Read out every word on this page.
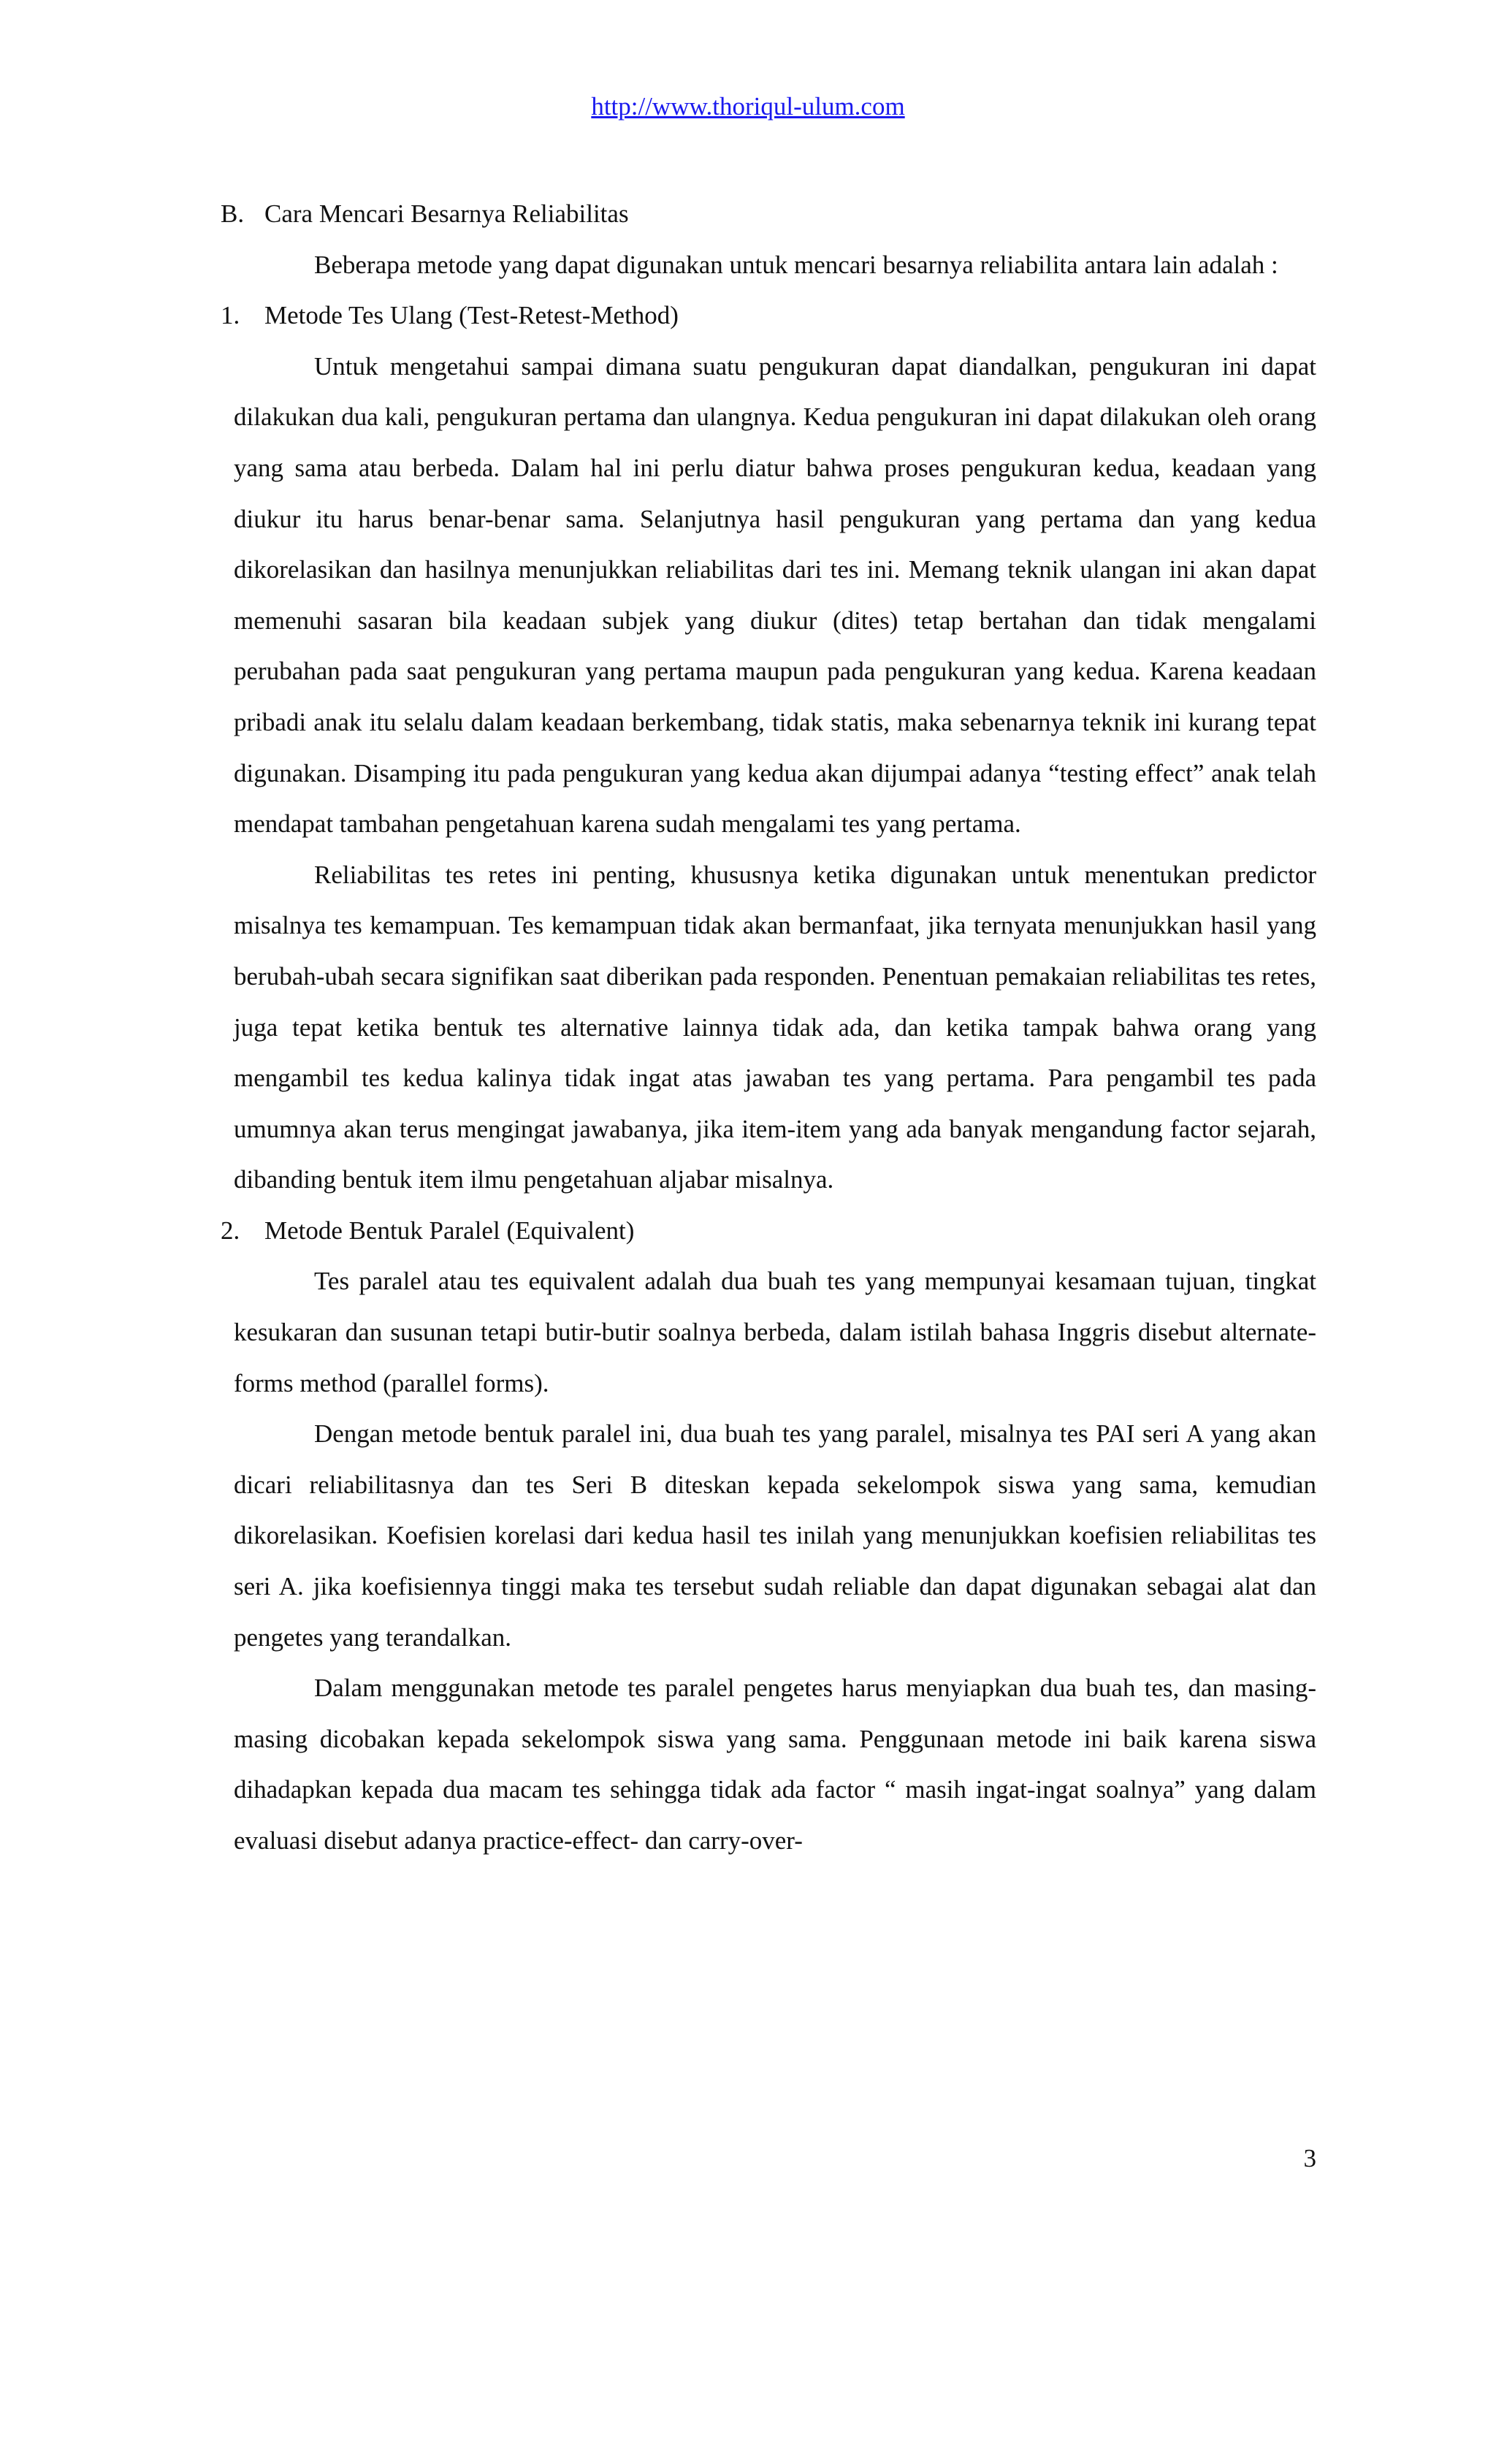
http://www.thoriqul-ulum.com

B. Cara Mencari Besarnya Reliabilitas

Beberapa metode yang dapat digunakan untuk mencari besarnya reliabilita antara lain adalah :

1. Metode Tes Ulang (Test-Retest-Method)

Untuk mengetahui sampai dimana suatu pengukuran dapat diandalkan, pengukuran ini dapat dilakukan dua kali, pengukuran pertama dan ulangnya. Kedua pengukuran ini dapat dilakukan oleh orang yang sama atau berbeda. Dalam hal ini perlu diatur bahwa proses pengukuran kedua, keadaan yang diukur itu harus benar-benar sama. Selanjutnya hasil pengukuran yang pertama dan yang kedua dikorelasikan dan hasilnya menunjukkan reliabilitas dari tes ini. Memang teknik ulangan ini akan dapat memenuhi sasaran bila keadaan subjek yang diukur (dites) tetap bertahan dan tidak mengalami perubahan pada saat pengukuran yang pertama maupun pada pengukuran yang kedua. Karena keadaan pribadi anak itu selalu dalam keadaan berkembang, tidak statis, maka sebenarnya teknik ini kurang tepat digunakan. Disamping itu pada pengukuran yang kedua akan dijumpai adanya “testing effect” anak telah mendapat tambahan pengetahuan karena sudah mengalami tes yang pertama.

Reliabilitas tes retes ini penting, khususnya ketika digunakan untuk menentukan predictor misalnya tes kemampuan. Tes kemampuan tidak akan bermanfaat, jika ternyata menunjukkan hasil yang berubah-ubah secara signifikan saat diberikan pada responden. Penentuan pemakaian reliabilitas tes retes, juga tepat ketika bentuk tes alternative lainnya tidak ada, dan ketika tampak bahwa orang yang mengambil tes kedua kalinya tidak ingat atas jawaban tes yang pertama. Para pengambil tes pada umumnya akan terus mengingat jawabanya, jika item-item yang ada banyak mengandung factor sejarah, dibanding bentuk item ilmu pengetahuan aljabar misalnya.

2. Metode Bentuk Paralel (Equivalent)

Tes paralel atau tes equivalent adalah dua buah tes yang mempunyai kesamaan tujuan, tingkat kesukaran dan susunan tetapi butir-butir soalnya berbeda, dalam istilah bahasa Inggris disebut alternate-forms method (parallel forms).

Dengan metode bentuk paralel ini, dua buah tes yang paralel, misalnya tes PAI seri A yang akan dicari reliabilitasnya dan tes Seri B diteskan kepada sekelompok siswa yang sama, kemudian dikorelasikan. Koefisien korelasi dari kedua hasil tes inilah yang menunjukkan koefisien reliabilitas tes seri A. jika koefisiennya tinggi maka tes tersebut sudah reliable dan dapat digunakan sebagai alat dan pengetes yang terandalkan.

Dalam menggunakan metode tes paralel pengetes harus menyiapkan dua buah tes, dan masing-masing dicobakan kepada sekelompok siswa yang sama. Penggunaan metode ini baik karena siswa dihadapkan kepada dua macam tes sehingga tidak ada factor “ masih ingat-ingat soalnya” yang dalam evaluasi disebut adanya practice-effect- dan carry-over-

3
